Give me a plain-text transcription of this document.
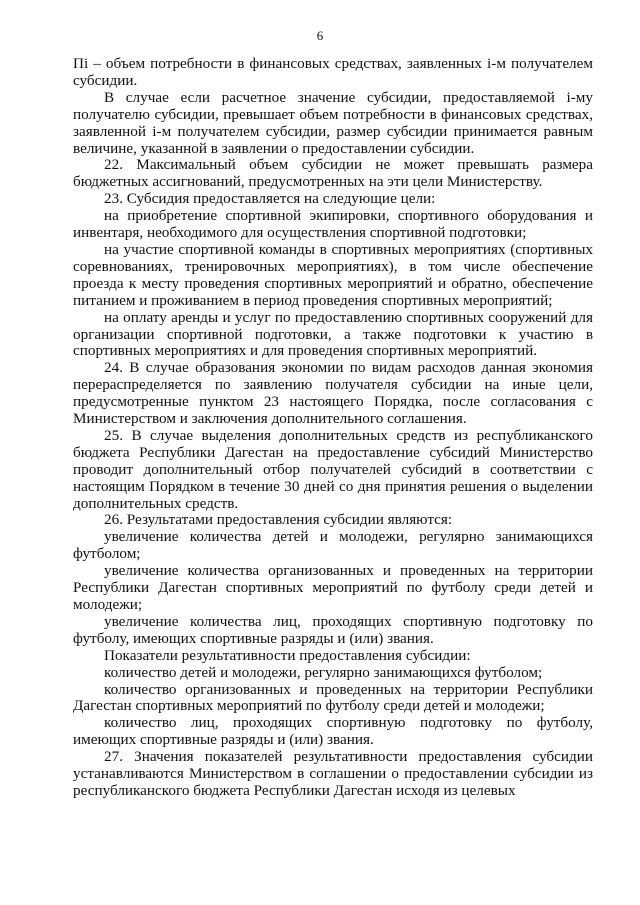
6

Пi – объем потребности в финансовых средствах, заявленных i-м получателем субсидии.

В случае если расчетное значение субсидии, предоставляемой i-му получателю субсидии, превышает объем потребности в финансовых средствах, заявленной i-м получателем субсидии, размер субсидии принимается равным величине, указанной в заявлении о предоставлении субсидии.

22. Максимальный объем субсидии не может превышать размера бюджетных ассигнований, предусмотренных на эти цели Министерству.

23. Субсидия предоставляется на следующие цели:

на приобретение спортивной экипировки, спортивного оборудования и инвентаря, необходимого для осуществления спортивной подготовки;

на участие спортивной команды в спортивных мероприятиях (спортивных соревнованиях, тренировочных мероприятиях), в том числе обеспечение проезда к месту проведения спортивных мероприятий и обратно, обеспечение питанием и проживанием в период проведения спортивных мероприятий;

на оплату аренды и услуг по предоставлению спортивных сооружений для организации спортивной подготовки, а также подготовки к участию в спортивных мероприятиях и для проведения спортивных мероприятий.

24. В случае образования экономии по видам расходов данная экономия перераспределяется по заявлению получателя субсидии на иные цели, предусмотренные пунктом 23 настоящего Порядка, после согласования с Министерством и заключения дополнительного соглашения.

25. В случае выделения дополнительных средств из республиканского бюджета Республики Дагестан на предоставление субсидий Министерство проводит дополнительный отбор получателей субсидий в соответствии с настоящим Порядком в течение 30 дней со дня принятия решения о выделении дополнительных средств.

26. Результатами предоставления субсидии являются:

увеличение количества детей и молодежи, регулярно занимающихся футболом;

увеличение количества организованных и проведенных на территории Республики Дагестан спортивных мероприятий по футболу среди детей и молодежи;

увеличение количества лиц, проходящих спортивную подготовку по футболу, имеющих спортивные разряды и (или) звания.

Показатели результативности предоставления субсидии:

количество детей и молодежи, регулярно занимающихся футболом;

количество организованных и проведенных на территории Республики Дагестан спортивных мероприятий по футболу среди детей и молодежи;

количество лиц, проходящих спортивную подготовку по футболу, имеющих спортивные разряды и (или) звания.

27. Значения показателей результативности предоставления субсидии устанавливаются Министерством в соглашении о предоставлении субсидии из республиканского бюджета Республики Дагестан исходя из целевых
